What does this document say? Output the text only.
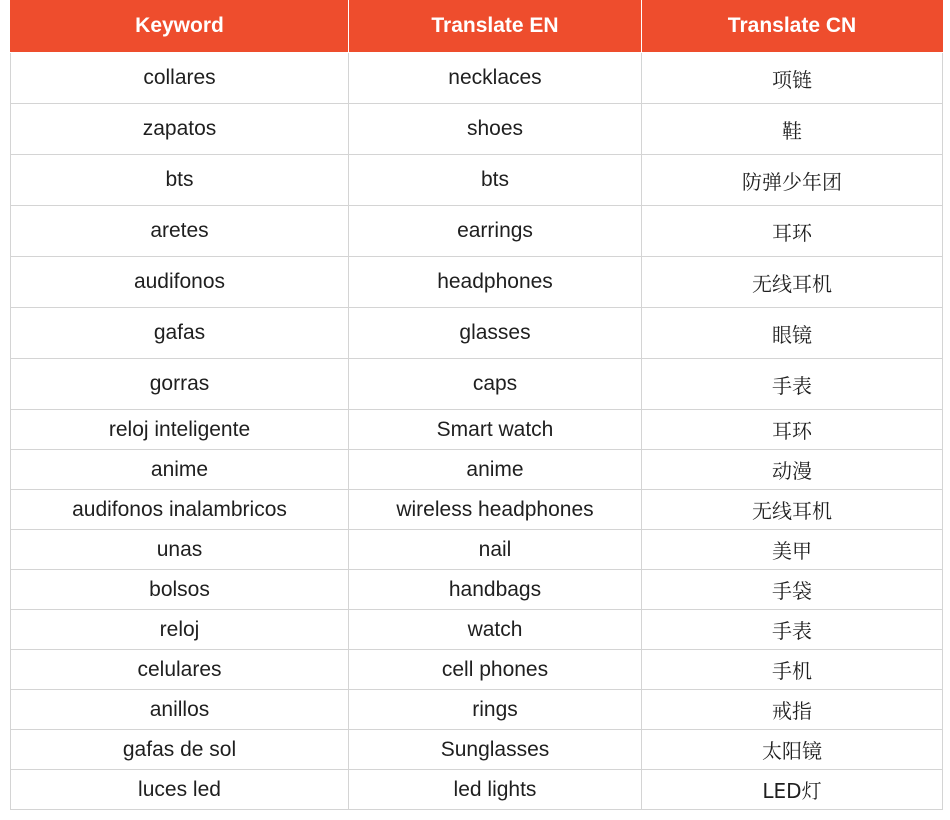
Keyword	Translate EN	Translate CN
collares	necklaces	项链
zapatos	shoes	鞋
bts	bts	防弹少年团
aretes	earrings	耳环
audifonos	headphones	无线耳机
gafas	glasses	眼镜
gorras	caps	手表
reloj inteligente	Smart watch	耳环
anime	anime	动漫
audifonos inalambricos	wireless headphones	无线耳机
unas	nail	美甲
bolsos	handbags	手袋
reloj	watch	手表
celulares	cell phones	手机
anillos	rings	戒指
gafas de sol	Sunglasses	太阳镜
luces led	led lights	LED灯
